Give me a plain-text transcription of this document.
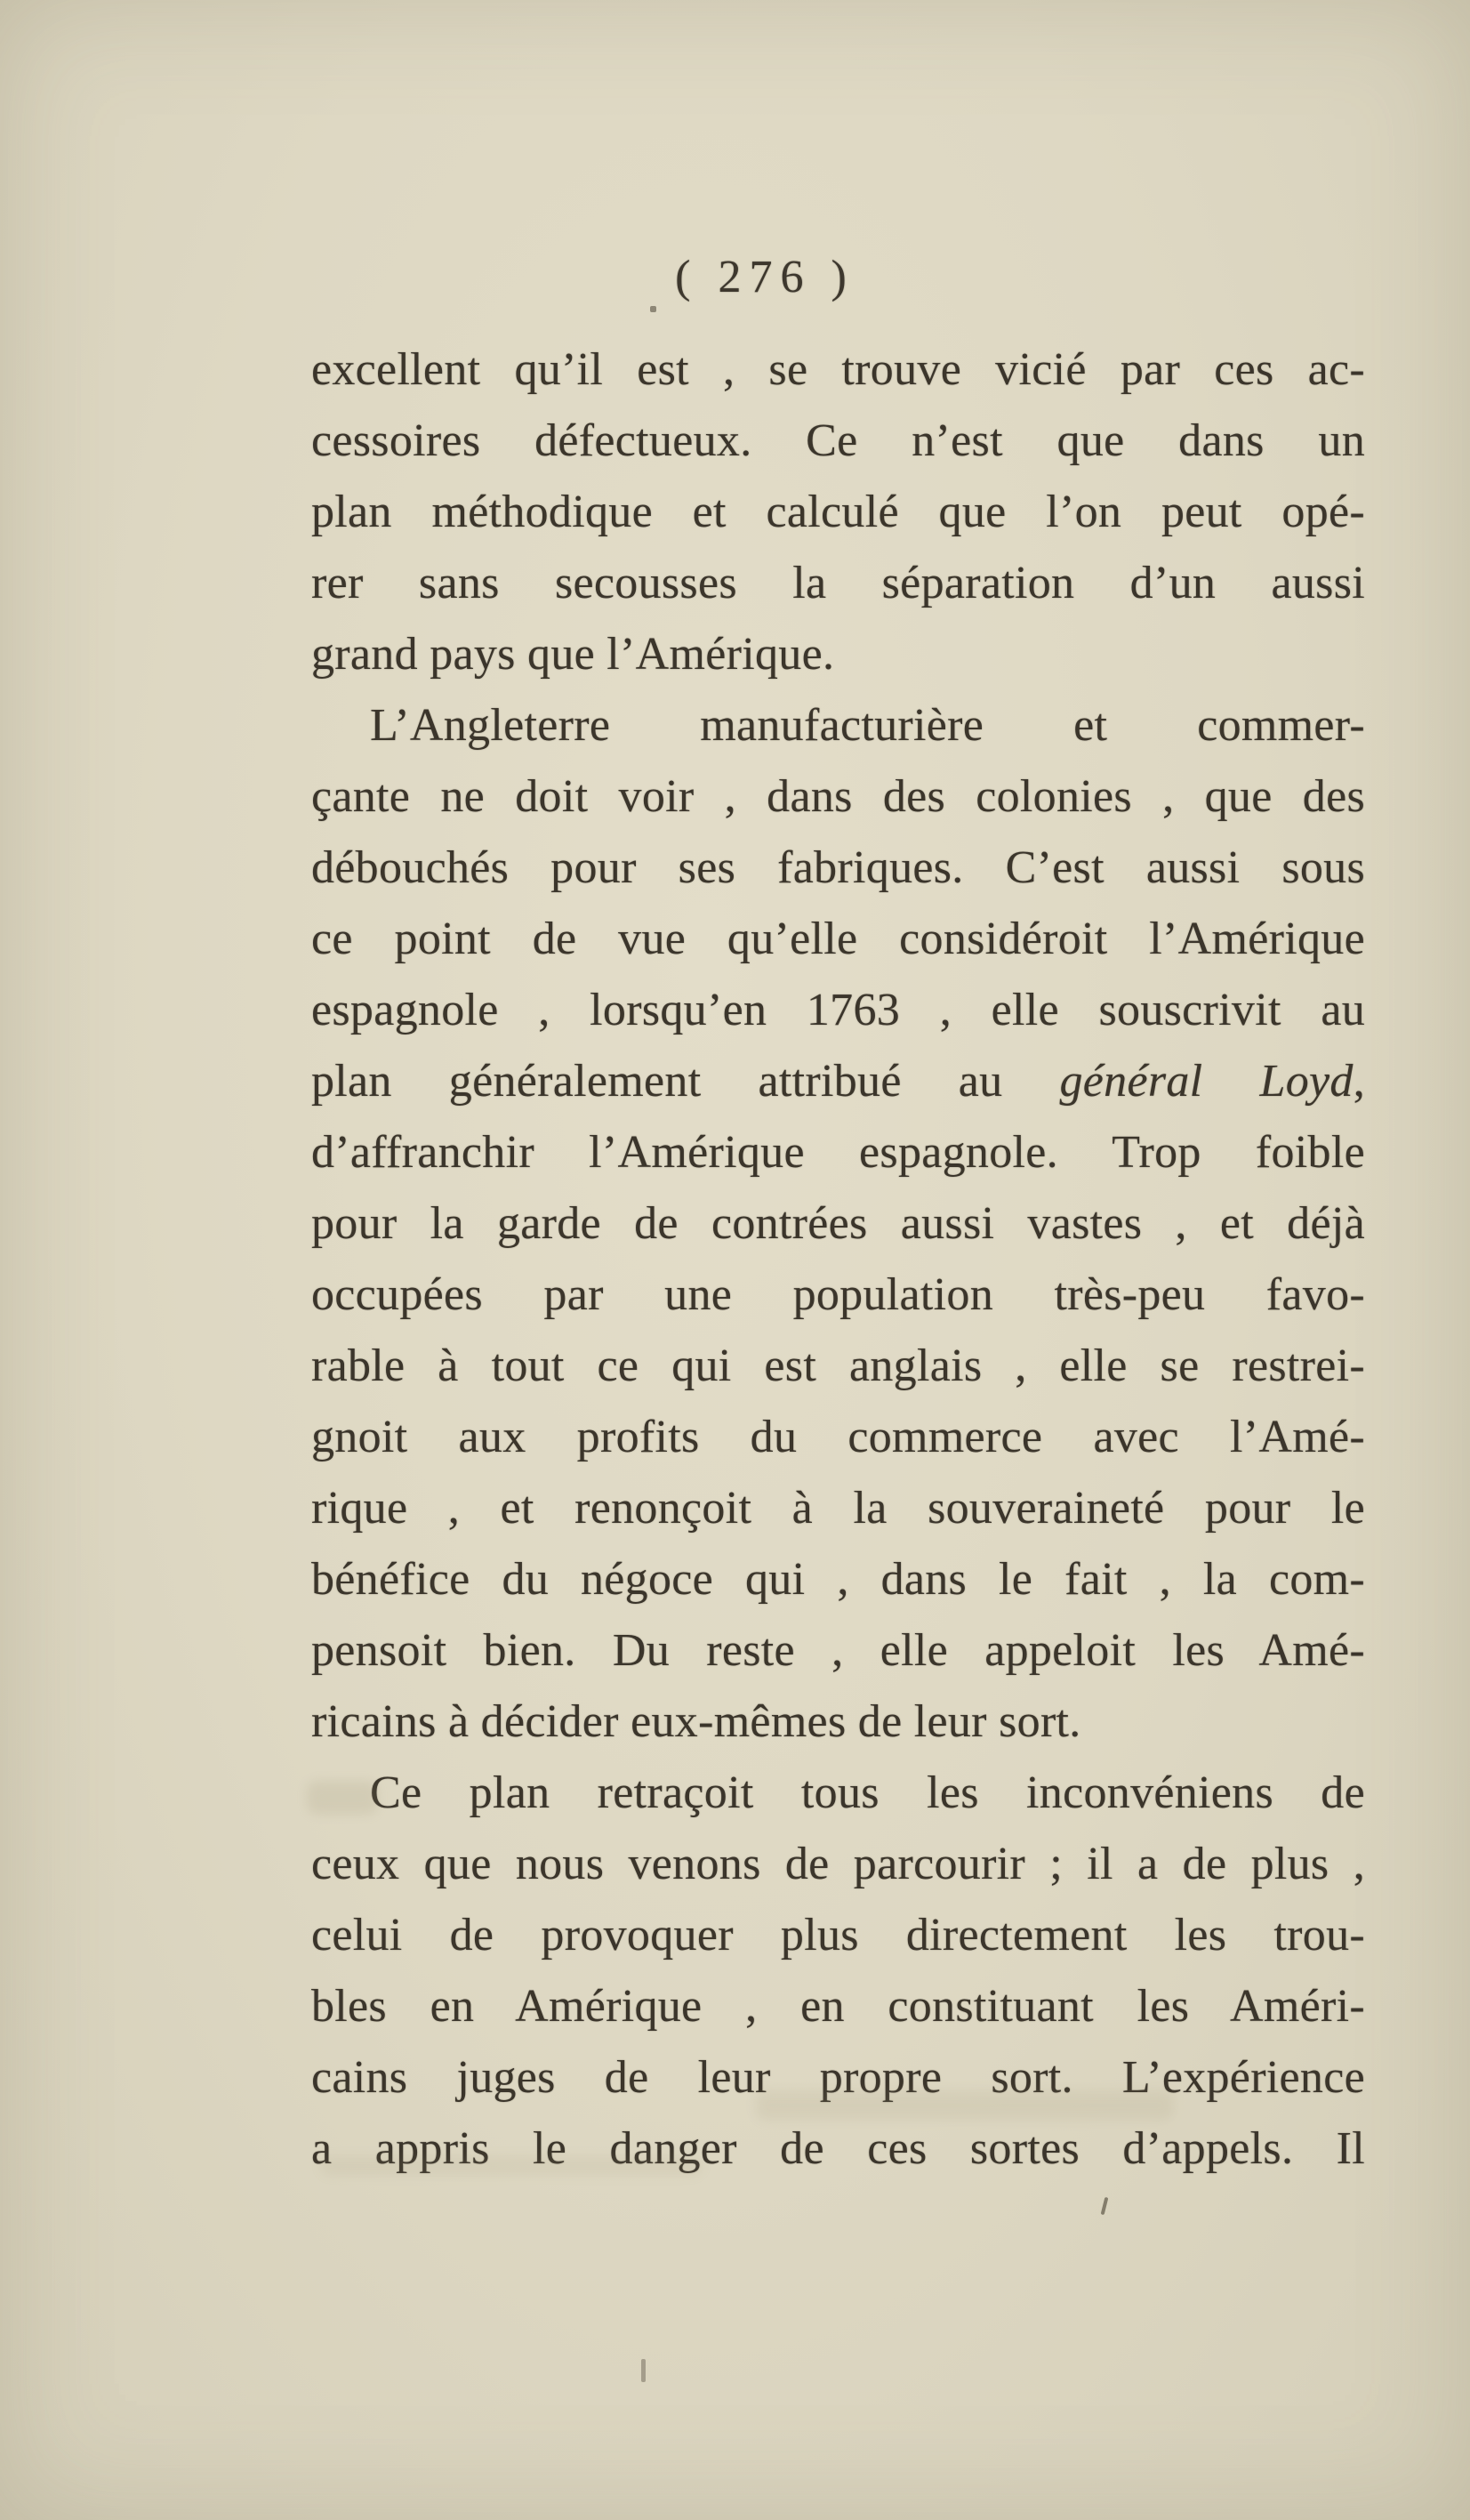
( 276 )
excellent qu’il est , se trouve vicié par ces ac-
cessoires défectueux. Ce n’est que dans un
plan méthodique et calculé que l’on peut opé-
rer sans secousses la séparation d’un aussi
grand pays que l’Amérique.
L’Angleterre manufacturière et commer-
çante ne doit voir , dans des colonies , que des
débouchés pour ses fabriques. C’est aussi sous
ce point de vue qu’elle considéroit l’Amérique
espagnole , lorsqu’en 1763 , elle souscrivit au
plan généralement attribué au général Loyd,
d’affranchir l’Amérique espagnole. Trop foible
pour la garde de contrées aussi vastes , et déjà
occupées par une population très-peu favo-
rable à tout ce qui est anglais , elle se restrei-
gnoit aux profits du commerce avec l’Amé-
rique , et renonçoit à la souveraineté pour le
bénéfice du négoce qui , dans le fait , la com-
pensoit bien. Du reste , elle appeloit les Amé-
ricains à décider eux-mêmes de leur sort.
Ce plan retraçoit tous les inconvéniens de
ceux que nous venons de parcourir ; il a de plus ,
celui de provoquer plus directement les trou-
bles en Amérique , en constituant les Améri-
cains juges de leur propre sort. L’expérience
a appris le danger de ces sortes d’appels. Il
